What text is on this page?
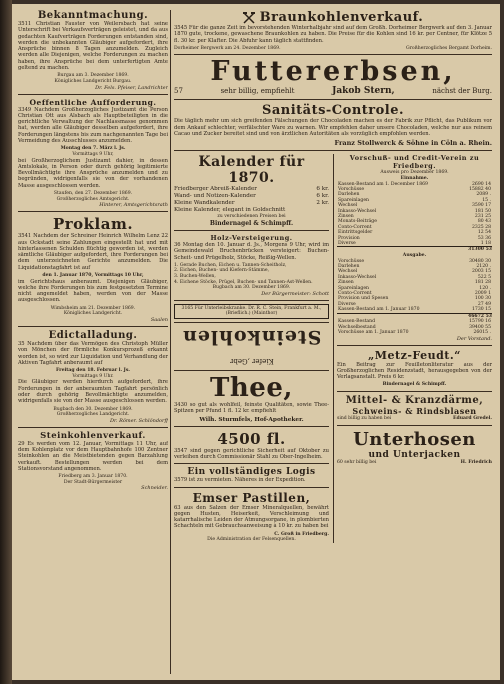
Bekanntmachung.

3511 Christian Fauster von Weilersbach hat seine Unterschrift bei Verkaufsverträgen geleistet, und da aus gedachten Kaufverträgen Forderungen entstanden sind, werden die unbekannten Gläubiger aufgefordert, ihre Ansprüche binnen 8 Tagen anzumelden. Zugleich werden alle Diejenigen, welche Forderungen zu machen haben, ihre Ansprüche bei dem unterfertigten Amte geltend zu machen.

Burgau am 3. Dezember 1869.
Königliches Landgericht Burgau.
Dr. Fels. Pfeiser, Landrichter
Oeffentliche Aufforderung.

3349 Nachdem Großherzogliches Justizamt die Person Christian Ott aus Alsbach als Hauptbeteiligten in die gerichtliche Verwaltung der Nachlassmasse genommen hat, werden alle Gläubiger desselben aufgefordert, ihre Forderungen längstens bis zum nachgenannten Tage bei Vermeidung des Ausschlusses anzumelden.

Montag den 7. März l. Js.
Vormittags 9 Uhr,

bei Großherzoglichem Justizamt dahier, in dessen Amtslokale, in Person oder durch gehörig legitimierte Bevollmächtigte ihre Ansprüche anzumelden und zu begründen, widrigenfalls sie von der vorhandenen Masse ausgeschlossen werden.

Staufen, den 27. Dezember 1869.
Großherzogliches Amtsgericht.
Hinterer, Amtsgerichtsrath
Proklam.

3541 Nachdem der Schreiner Heinrich Wilhelm Lenz 22 aus Ockstadt seine Zahlungen eingestellt hat und mit hinterlassenen Schulden flüchtig geworden ist, werden sämtliche Gläubiger aufgefordert, ihre Forderungen bei dem unterzeichneten Gerichte anzumelden. Die Liquidationstagfahrt ist auf

den 1. Januar 1870, Vormittags 10 Uhr,

im Gerichtshaus anberaumt. Diejenigen Gläubiger, welche ihre Forderungen bis zum festgesetzten Termine nicht angemeldet haben, werden von der Masse ausgeschlossen.

Wimbsheim am 21. Dezember 1869.
Königliches Landgericht.
Saalen
Edictalladung.

35 Nachdem über das Vermögen des Christoph Müller von Mönchen der förmliche Konkursprozeß erkannt worden ist, so wird zur Liquidation und Verhandlung der Aktiven Tagfahrt anberaumt auf

Freitag den 18. Februar l. Js.
Vormittags 9 Uhr.

Die Gläubiger werden hierdurch aufgefordert, ihre Forderungen in der anberaumten Tagfahrt persönlich oder durch gehörig Bevollmächtigte anzumelden, widrigenfalls sie von der Masse ausgeschlossen werden.

Bugbach den 30. Dezember 1869.
Großherzogliches Landgericht.
Dr. Römer. Schlöndorff
Steinkohlenverkauf.

29 Es werden vom 12. Januar, Vormittags 11 Uhr, auf dem Kohlenplatz vor dem Hauptbahnhofe 100 Zentner Steinkohlen an die Meistbietenden gegen Barzahlung verkauft. Bestellungen werden bei dem Stationsvorstand angenommen.

Friedberg am 3. Januar 1870.
Der Stadt-Bürgermeister
Schneider.
Braunkohlenverkauf.

3545 Für die ganze Zeit im bevorstehenden Winterhalbjahr sind auf dem Großh. Dorheimer Bergwerk auf den 3. Januar 1870 gute, trockene, gewaschene Braunkohlen zu haben. Die Preise für die Kohlen sind 16 kr. per Centner, für Klötze 5 fl. 30 kr. per Klafter. Die Abfuhr kann täglich stattfinden.

Dorheimer Bergwerk am 24. Dezember 1869.	Großherzogliches Bergamt Dorheim.
Futtererbsen,
57	sehr billig, empfiehlt	Jakob Stern,	nächst der Burg.
Sanitäts-Controle.

Die täglich mehr um sich greifenden Fälschungen der Chocoladen machen es der Fabrik zur Pflicht, das Publikum vor dem Ankauf schlechter, verfälschter Ware zu warnen. Wir empfehlen daher unsere Chocoladen, welche nur aus reinem Cacao und Zucker bereitet sind und von ärztlichen Autoritäten als vorzüglich empfohlen werden.

Franz Stollwerck & Söhne in Cöln a. Rhein.
Kalender für 1870.
Friedberger Abreiß-Kalender	6 kr.
Wand- und Notizen-Kalender	6 kr.
Kleine Wandkalender	2 kr.
Kleine Kalender, elegant in Goldschnitt
zu verschiedenen Preisen bei
Bindernagel & Schimpff.
Holz-Versteigerung.

36 Montag den 10. Januar d. Js., Morgens 9 Uhr, wird im Gemeindewald Bruchenbrücken versteigert: Buchen-Scheit- und Prügelholz, Stöcke, Reißig-Wellen.

1. Gerade Buchen, Eichen u. Tannen-Scheitholz,
2. Eichen, Buchen- und Kiefern-Stämme,
3. Buchen-Wellen,
4. Eichene Stöcke, Prügel, Buchen- und Tannen-Ast-Wellen.
Bugbach am 30. Dezember 1869.
Der Bürgermeister: Schott
3165 Für Unterleibskranke. Dr. R. C. Stein, Frankfurt a. M., (Brieflich.) (Mainthor)
Steinkohlen Kiefer ,Gebr
Thee,

3430 so gut als wohlfeil, feinste Qualitäten, sowie Thee-Spitzen per Pfund 1 fl. 12 kr. empfiehlt

Wilh. Sturmfels, Hof-Apotheker.
4500 fl.

3547 sind gegen gerichtliche Sicherheit auf Oktober zu verleihen durch Commissionär Stahl zu Ober-Ingelheim.

Ein vollständiges Logis

3579 ist zu vermieten. Näheres in der Expedition.

Emser Pastillen,

63 aus den Salzen der Emser Mineralquellen, bewährt gegen Husten, Heiserkeit, Verschleimung und katarrhalische Leiden der Atmungsorgane, in plombierten Schachteln mit Gebrauchsanweisung à 10 kr. zu haben bei

C. Groß in Friedberg.
Die Administration der Felsenquellen.
Vorschuß- und Credit-Verein zu Friedberg.
Ausweis pro Dezember 1869.
Einnahme.
Kassen-Bestand am 1. December 1869	2690 14
Vorschüsse	15882 40
Darlehen	2089 .
Spareinlagen	15 .
Wechsel	3590 17
Inkasso-Wechsel	181 50
Zinsen	231 25
Monats-Beiträge	80 43
Conto-Corrent	2325 28
Eintrittsgelder	12 54
Provision	53 36
Diverse	1 18
31300 53
Ausgabe.
Vorschüsse	30480 30
Darlehen	2120 .
Wechsel	2003 15
Inkasso-Wechsel	522 5
Zinsen	181 28
Spareinlagen	120 .
Conto-Corrent	2009 1
Provision und Spesen	100 30
Diverse	27 49
Kassen-Bestand am 1. Januar 1870	1730 15
46672 53
Kassen-Bestand	15790 16
Wechselbestand	39400 55
Vorschüsse am 1. Januar 1870	26015 .
Der Vorstand.
„Metz-Feudt.“

Ein Beitrag zur Feuilletonliteratur aus der Großherzoglichen Residenzstadt, herausgegeben von der Verlagsanstalt. Preis 6 kr.

Bindernagel & Schimpff.
Mittel- & Kranzdärme,
Schweins- & Rindsblasen
sind billig zu haben bei	Eduard Gredel.
Unterhosen
und Unterjacken
60 sehr billig bei	H. Friedrich
